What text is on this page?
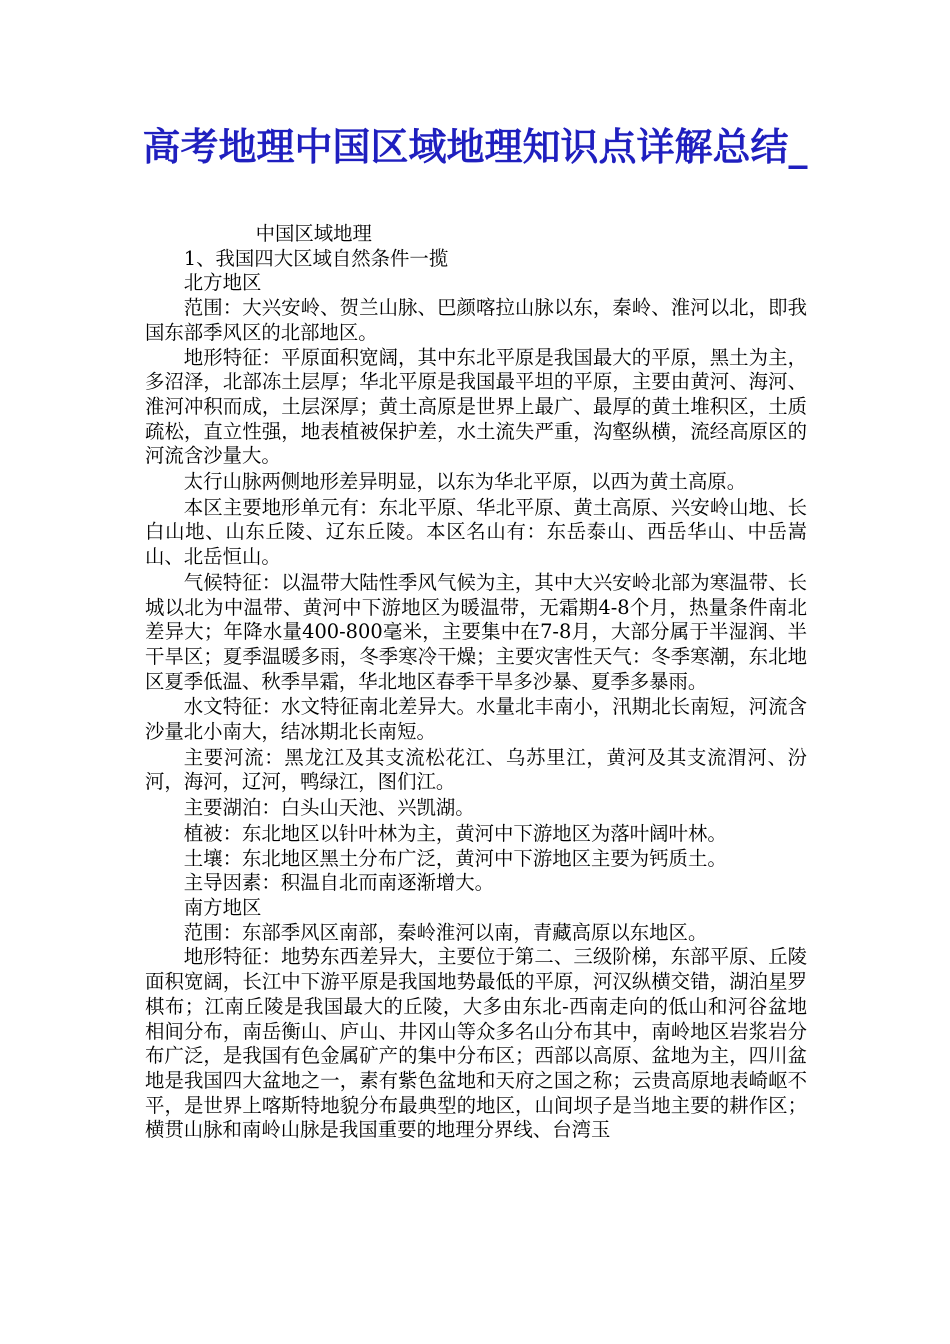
高考地理中国区域地理知识点详解总结_

中国区域地理

1、我国四大区域自然条件一揽

北方地区

范围：大兴安岭、贺兰山脉、巴颜喀拉山脉以东，秦岭、淮河以北，即我国东部季风区的北部地区。

地形特征：平原面积宽阔，其中东北平原是我国最大的平原，黑土为主，多沼泽，北部冻土层厚；华北平原是我国最平坦的平原，主要由黄河、海河、淮河冲积而成，土层深厚；黄土高原是世界上最广、最厚的黄土堆积区，土质疏松，直立性强，地表植被保护差，水土流失严重，沟壑纵横，流经高原区的河流含沙量大。

太行山脉两侧地形差异明显，以东为华北平原，以西为黄土高原。

本区主要地形单元有：东北平原、华北平原、黄土高原、兴安岭山地、长白山地、山东丘陵、辽东丘陵。本区名山有：东岳泰山、西岳华山、中岳嵩山、北岳恒山。

气候特征：以温带大陆性季风气候为主，其中大兴安岭北部为寒温带、长城以北为中温带、黄河中下游地区为暖温带，无霜期4-8个月，热量条件南北差异大；年降水量400-800毫米，主要集中在7-8月，大部分属于半湿润、半干旱区；夏季温暖多雨，冬季寒冷干燥；主要灾害性天气：冬季寒潮，东北地区夏季低温、秋季旱霜，华北地区春季干旱多沙暴、夏季多暴雨。

水文特征：水文特征南北差异大。水量北丰南小，汛期北长南短，河流含沙量北小南大，结冰期北长南短。

主要河流：黑龙江及其支流松花江、乌苏里江，黄河及其支流渭河、汾河，海河，辽河，鸭绿江，图们江。

主要湖泊：白头山天池、兴凯湖。

植被：东北地区以针叶林为主，黄河中下游地区为落叶阔叶林。

土壤：东北地区黑土分布广泛，黄河中下游地区主要为钙质土。

主导因素：积温自北而南逐渐增大。

南方地区

范围：东部季风区南部，秦岭淮河以南，青藏高原以东地区。

地形特征：地势东西差异大，主要位于第二、三级阶梯，东部平原、丘陵面积宽阔，长江中下游平原是我国地势最低的平原，河汉纵横交错，湖泊星罗棋布；江南丘陵是我国最大的丘陵，大多由东北-西南走向的低山和河谷盆地相间分布，南岳衡山、庐山、井冈山等众多名山分布其中，南岭地区岩浆岩分布广泛，是我国有色金属矿产的集中分布区；西部以高原、盆地为主，四川盆地是我国四大盆地之一，素有紫色盆地和天府之国之称；云贵高原地表崎岖不平，是世界上喀斯特地貌分布最典型的地区，山间坝子是当地主要的耕作区；横贯山脉和南岭山脉是我国重要的地理分界线、台湾玉
